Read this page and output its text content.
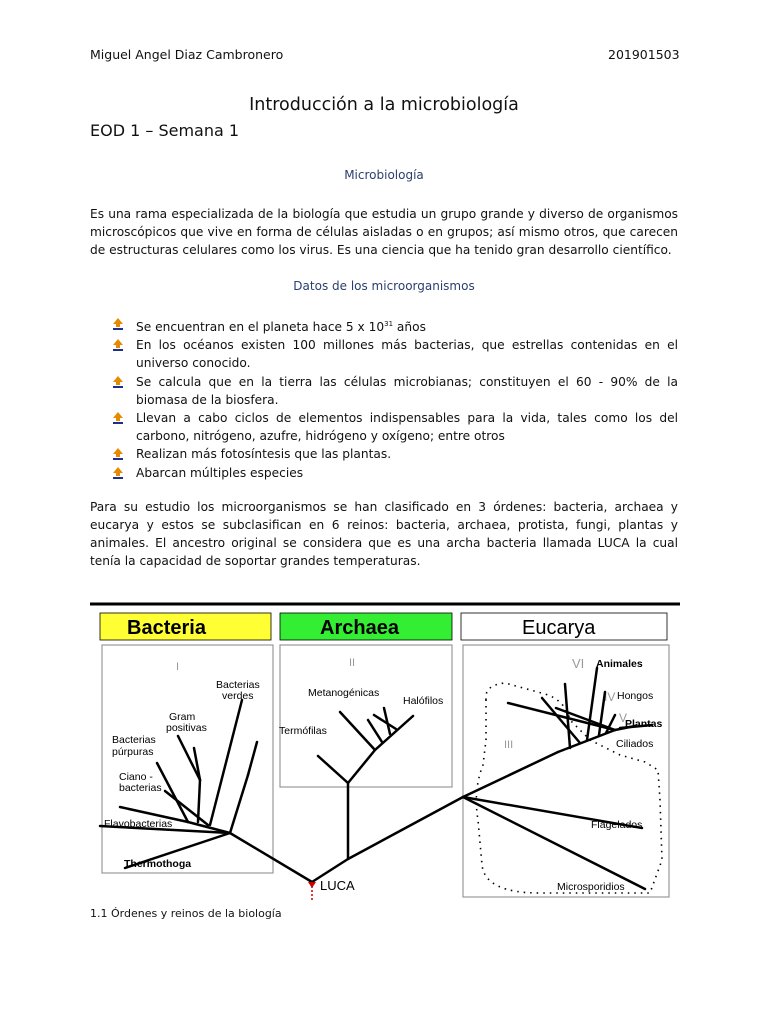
Miguel Angel Diaz Cambronero	201901503
Introducción a la microbiología
EOD 1 – Semana 1
Microbiología
Es una rama especializada de la biología que estudia un grupo grande y diverso de organismos microscópicos que vive en forma de células aisladas o en grupos; así mismo otros, que carecen de estructuras celulares como los virus. Es una ciencia que ha tenido gran desarrollo científico.
Datos de los microorganismos
Se encuentran en el planeta hace 5 x $10^{31}$ años
En los océanos existen 100 millones más bacterias, que estrellas contenidas en el universo conocido.
Se calcula que en la tierra las células microbianas; constituyen el 60 - 90% de la biomasa de la biosfera.
Llevan a cabo ciclos de elementos indispensables para la vida, tales como los del carbono, nitrógeno, azufre, hidrógeno y oxígeno; entre otros
Realizan más fotosíntesis que las plantas.
Abarcan múltiples especies
Para su estudio los microorganismos se han clasificado en 3 órdenes: bacteria, archaea y eucarya y estos se subclasifican en 6 reinos: bacteria, archaea, protista, fungi, plantas y animales. El ancestro original se considera que es una archa bacteria llamada LUCA la cual tenía la capacidad de soportar grandes temperaturas.
Bacteria	Archaea	Eucarya
I	II
III
VI
IV
V
Bacterias
verdes
Gram
positivas
Bacterias
púrpuras
Ciano -
bacterias
Flavobacterias
Thermothoga
Metanogénicas
Halófilos
Termófilas
Animales
Hongos
Plantas
Ciliados
Flagelados
Microsporidios
LUCA
1.1 Órdenes y reinos de la biología
